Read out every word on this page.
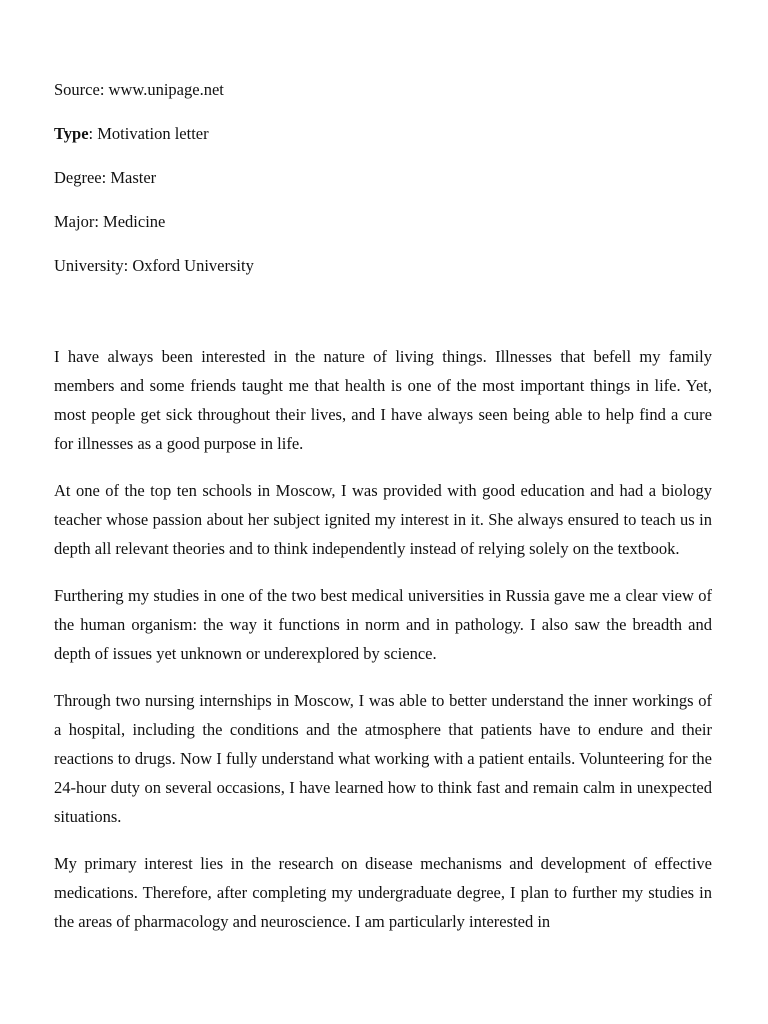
Source: www.unipage.net

Type: Motivation letter

Degree: Master

Major: Medicine

University: Oxford University

I have always been interested in the nature of living things. Illnesses that befell my family members and some friends taught me that health is one of the most important things in life. Yet, most people get sick throughout their lives, and I have always seen being able to help find a cure for illnesses as a good purpose in life.

At one of the top ten schools in Moscow, I was provided with good education and had a biology teacher whose passion about her subject ignited my interest in it. She always ensured to teach us in depth all relevant theories and to think independently instead of relying solely on the textbook.

Furthering my studies in one of the two best medical universities in Russia gave me a clear view of the human organism: the way it functions in norm and in pathology. I also saw the breadth and depth of issues yet unknown or underexplored by science.

Through two nursing internships in Moscow, I was able to better understand the inner workings of a hospital, including the conditions and the atmosphere that patients have to endure and their reactions to drugs. Now I fully understand what working with a patient entails. Volunteering for the 24-hour duty on several occasions, I have learned how to think fast and remain calm in unexpected situations.

My primary interest lies in the research on disease mechanisms and development of effective medications. Therefore, after completing my undergraduate degree, I plan to further my studies in the areas of pharmacology and neuroscience. I am particularly interested in
